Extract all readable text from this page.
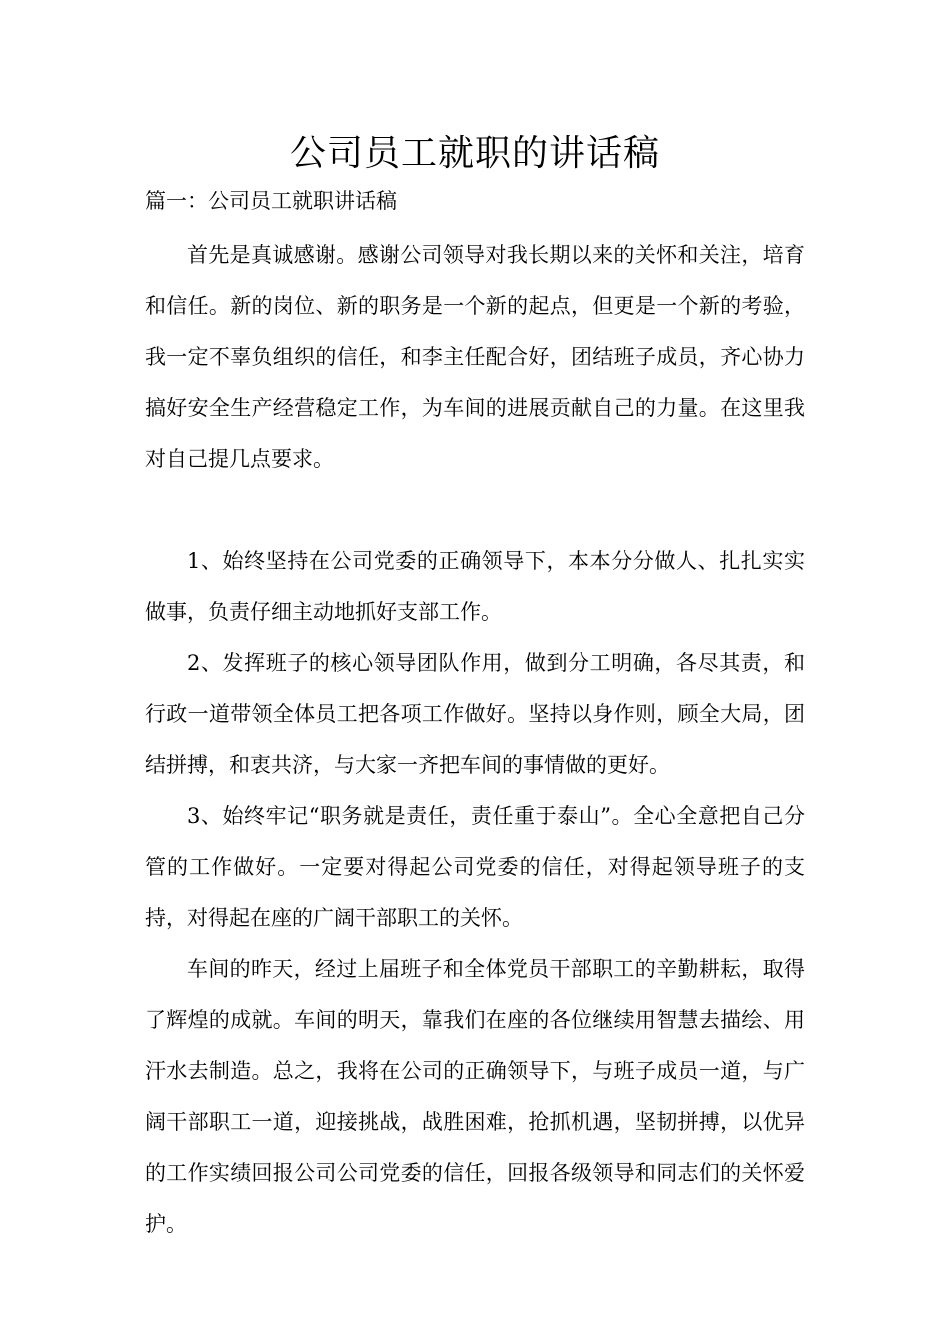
公司员工就职的讲话稿
篇一：公司员工就职讲话稿

首先是真诚感谢。感谢公司领导对我长期以来的关怀和关注，培育和信任。新的岗位、新的职务是一个新的起点，但更是一个新的考验，我一定不辜负组织的信任，和李主任配合好，团结班子成员，齐心协力搞好安全生产经营稳定工作，为车间的进展贡献自己的力量。在这里我对自己提几点要求。

1、始终坚持在公司党委的正确领导下，本本分分做人、扎扎实实做事，负责仔细主动地抓好支部工作。

2、发挥班子的核心领导团队作用，做到分工明确，各尽其责，和行政一道带领全体员工把各项工作做好。坚持以身作则，顾全大局，团结拼搏，和衷共济，与大家一齐把车间的事情做的更好。

3、始终牢记“职务就是责任，责任重于泰山”。全心全意把自己分管的工作做好。一定要对得起公司党委的信任，对得起领导班子的支持，对得起在座的广阔干部职工的关怀。

车间的昨天，经过上届班子和全体党员干部职工的辛勤耕耘，取得了辉煌的成就。车间的明天，靠我们在座的各位继续用智慧去描绘、用汗水去制造。总之，我将在公司的正确领导下，与班子成员一道，与广阔干部职工一道，迎接挑战，战胜困难，抢抓机遇，坚韧拼搏，以优异的工作实绩回报公司公司党委的信任，回报各级领导和同志们的关怀爱护。
